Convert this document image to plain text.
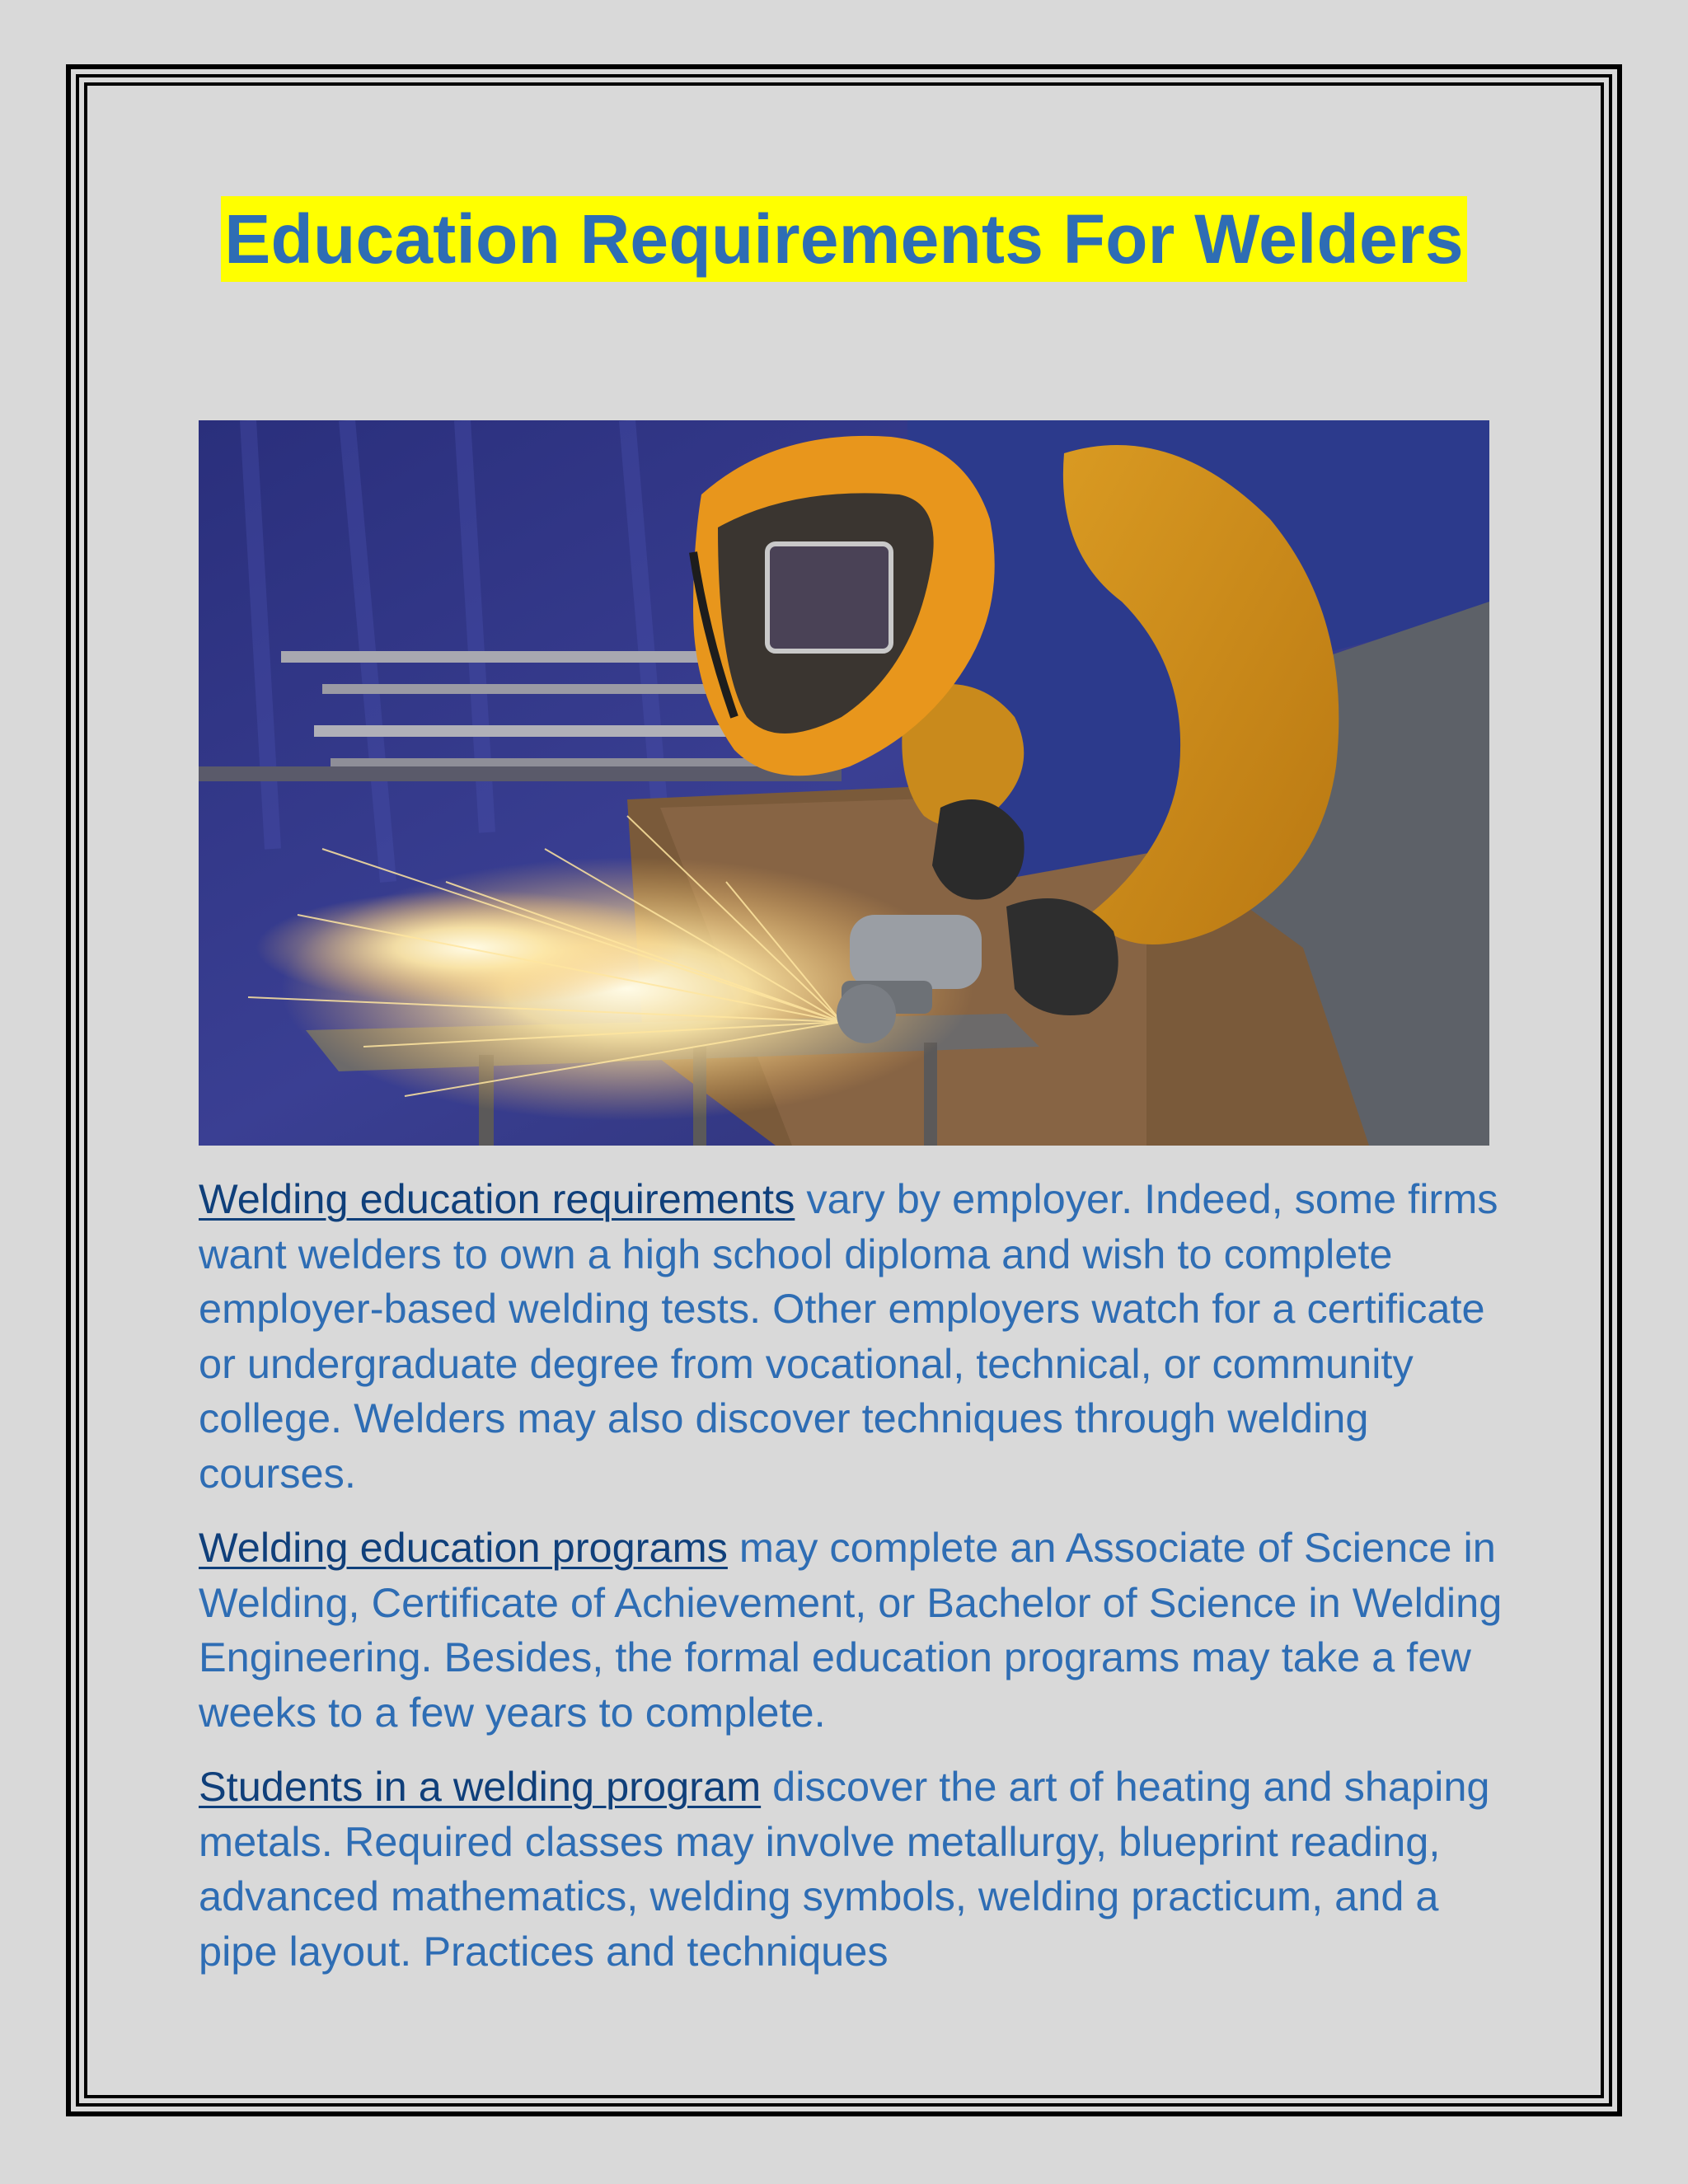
Education Requirements For Welders

Welding education requirements vary by employer. Indeed, some firms want welders to own a high school diploma and wish to complete employer-based welding tests. Other employers watch for a certificate or undergraduate degree from vocational, technical, or community college. Welders may also discover techniques through welding courses.

Welding education programs may complete an Associate of Science in Welding, Certificate of Achievement, or Bachelor of Science in Welding Engineering. Besides, the formal education programs may take a few weeks to a few years to complete.

Students in a welding program discover the art of heating and shaping metals. Required classes may involve metallurgy, blueprint reading, advanced mathematics, welding symbols, welding practicum, and a pipe layout. Practices and techniques
